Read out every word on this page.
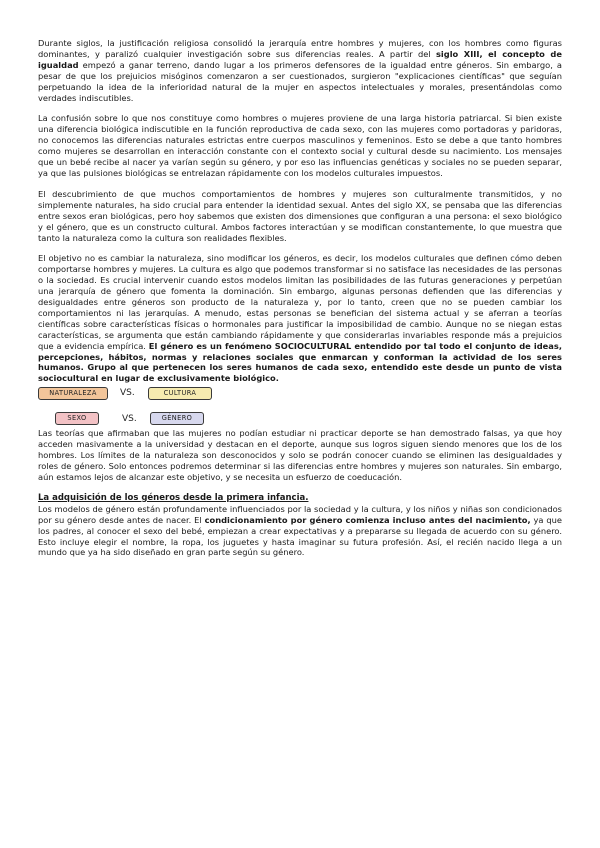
Durante siglos, la justificación religiosa consolidó la jerarquía entre hombres y mujeres, con los hombres como figuras dominantes, y paralizó cualquier investigación sobre sus diferencias reales. A partir del siglo XIII, el concepto de igualdad empezó a ganar terreno, dando lugar a los primeros defensores de la igualdad entre géneros. Sin embargo, a pesar de que los prejuicios misóginos comenzaron a ser cuestionados, surgieron "explicaciones científicas" que seguían perpetuando la idea de la inferioridad natural de la mujer en aspectos intelectuales y morales, presentándolas como verdades indiscutibles.

La confusión sobre lo que nos constituye como hombres o mujeres proviene de una larga historia patriarcal. Si bien existe una diferencia biológica indiscutible en la función reproductiva de cada sexo, con las mujeres como portadoras y paridoras, no conocemos las diferencias naturales estrictas entre cuerpos masculinos y femeninos. Esto se debe a que tanto hombres como mujeres se desarrollan en interacción constante con el contexto social y cultural desde su nacimiento. Los mensajes que un bebé recibe al nacer ya varían según su género, y por eso las influencias genéticas y sociales no se pueden separar, ya que las pulsiones biológicas se entrelazan rápidamente con los modelos culturales impuestos.

El descubrimiento de que muchos comportamientos de hombres y mujeres son culturalmente transmitidos, y no simplemente naturales, ha sido crucial para entender la identidad sexual. Antes del siglo XX, se pensaba que las diferencias entre sexos eran biológicas, pero hoy sabemos que existen dos dimensiones que configuran a una persona: el sexo biológico y el género, que es un constructo cultural. Ambos factores interactúan y se modifican constantemente, lo que muestra que tanto la naturaleza como la cultura son realidades flexibles.

El objetivo no es cambiar la naturaleza, sino modificar los géneros, es decir, los modelos culturales que definen cómo deben comportarse hombres y mujeres. La cultura es algo que podemos transformar si no satisface las necesidades de las personas o la sociedad. Es crucial intervenir cuando estos modelos limitan las posibilidades de las futuras generaciones y perpetúan una jerarquía de género que fomenta la dominación. Sin embargo, algunas personas defienden que las diferencias y desigualdades entre géneros son producto de la naturaleza y, por lo tanto, creen que no se pueden cambiar los comportamientos ni las jerarquías. A menudo, estas personas se benefician del sistema actual y se aferran a teorías científicas sobre características físicas o hormonales para justificar la imposibilidad de cambio. Aunque no se niegan estas características, se argumenta que están cambiando rápidamente y que considerarlas invariables responde más a prejuicios que a evidencia empírica. El género es un fenómeno SOCIOCULTURAL entendido por tal todo el conjunto de ideas, percepciones, hábitos, normas y relaciones sociales que enmarcan y conforman la actividad de los seres humanos. Grupo al que pertenecen los seres humanos de cada sexo, entendido este desde un punto de vista sociocultural en lugar de exclusivamente biológico.

NATURALEZA	VS.	CULTURA
SEXO	VS.	GÉNERO

Las teorías que afirmaban que las mujeres no podían estudiar ni practicar deporte se han demostrado falsas, ya que hoy acceden masivamente a la universidad y destacan en el deporte, aunque sus logros siguen siendo menores que los de los hombres. Los límites de la naturaleza son desconocidos y solo se podrán conocer cuando se eliminen las desigualdades y roles de género. Solo entonces podremos determinar si las diferencias entre hombres y mujeres son naturales. Sin embargo, aún estamos lejos de alcanzar este objetivo, y se necesita un esfuerzo de coeducación.

La adquisición de los géneros desde la primera infancia.

Los modelos de género están profundamente influenciados por la sociedad y la cultura, y los niños y niñas son condicionados por su género desde antes de nacer. El condicionamiento por género comienza incluso antes del nacimiento, ya que los padres, al conocer el sexo del bebé, empiezan a crear expectativas y a prepararse su llegada de acuerdo con su género. Esto incluye elegir el nombre, la ropa, los juguetes y hasta imaginar su futura profesión. Así, el recién nacido llega a un mundo que ya ha sido diseñado en gran parte según su género.
